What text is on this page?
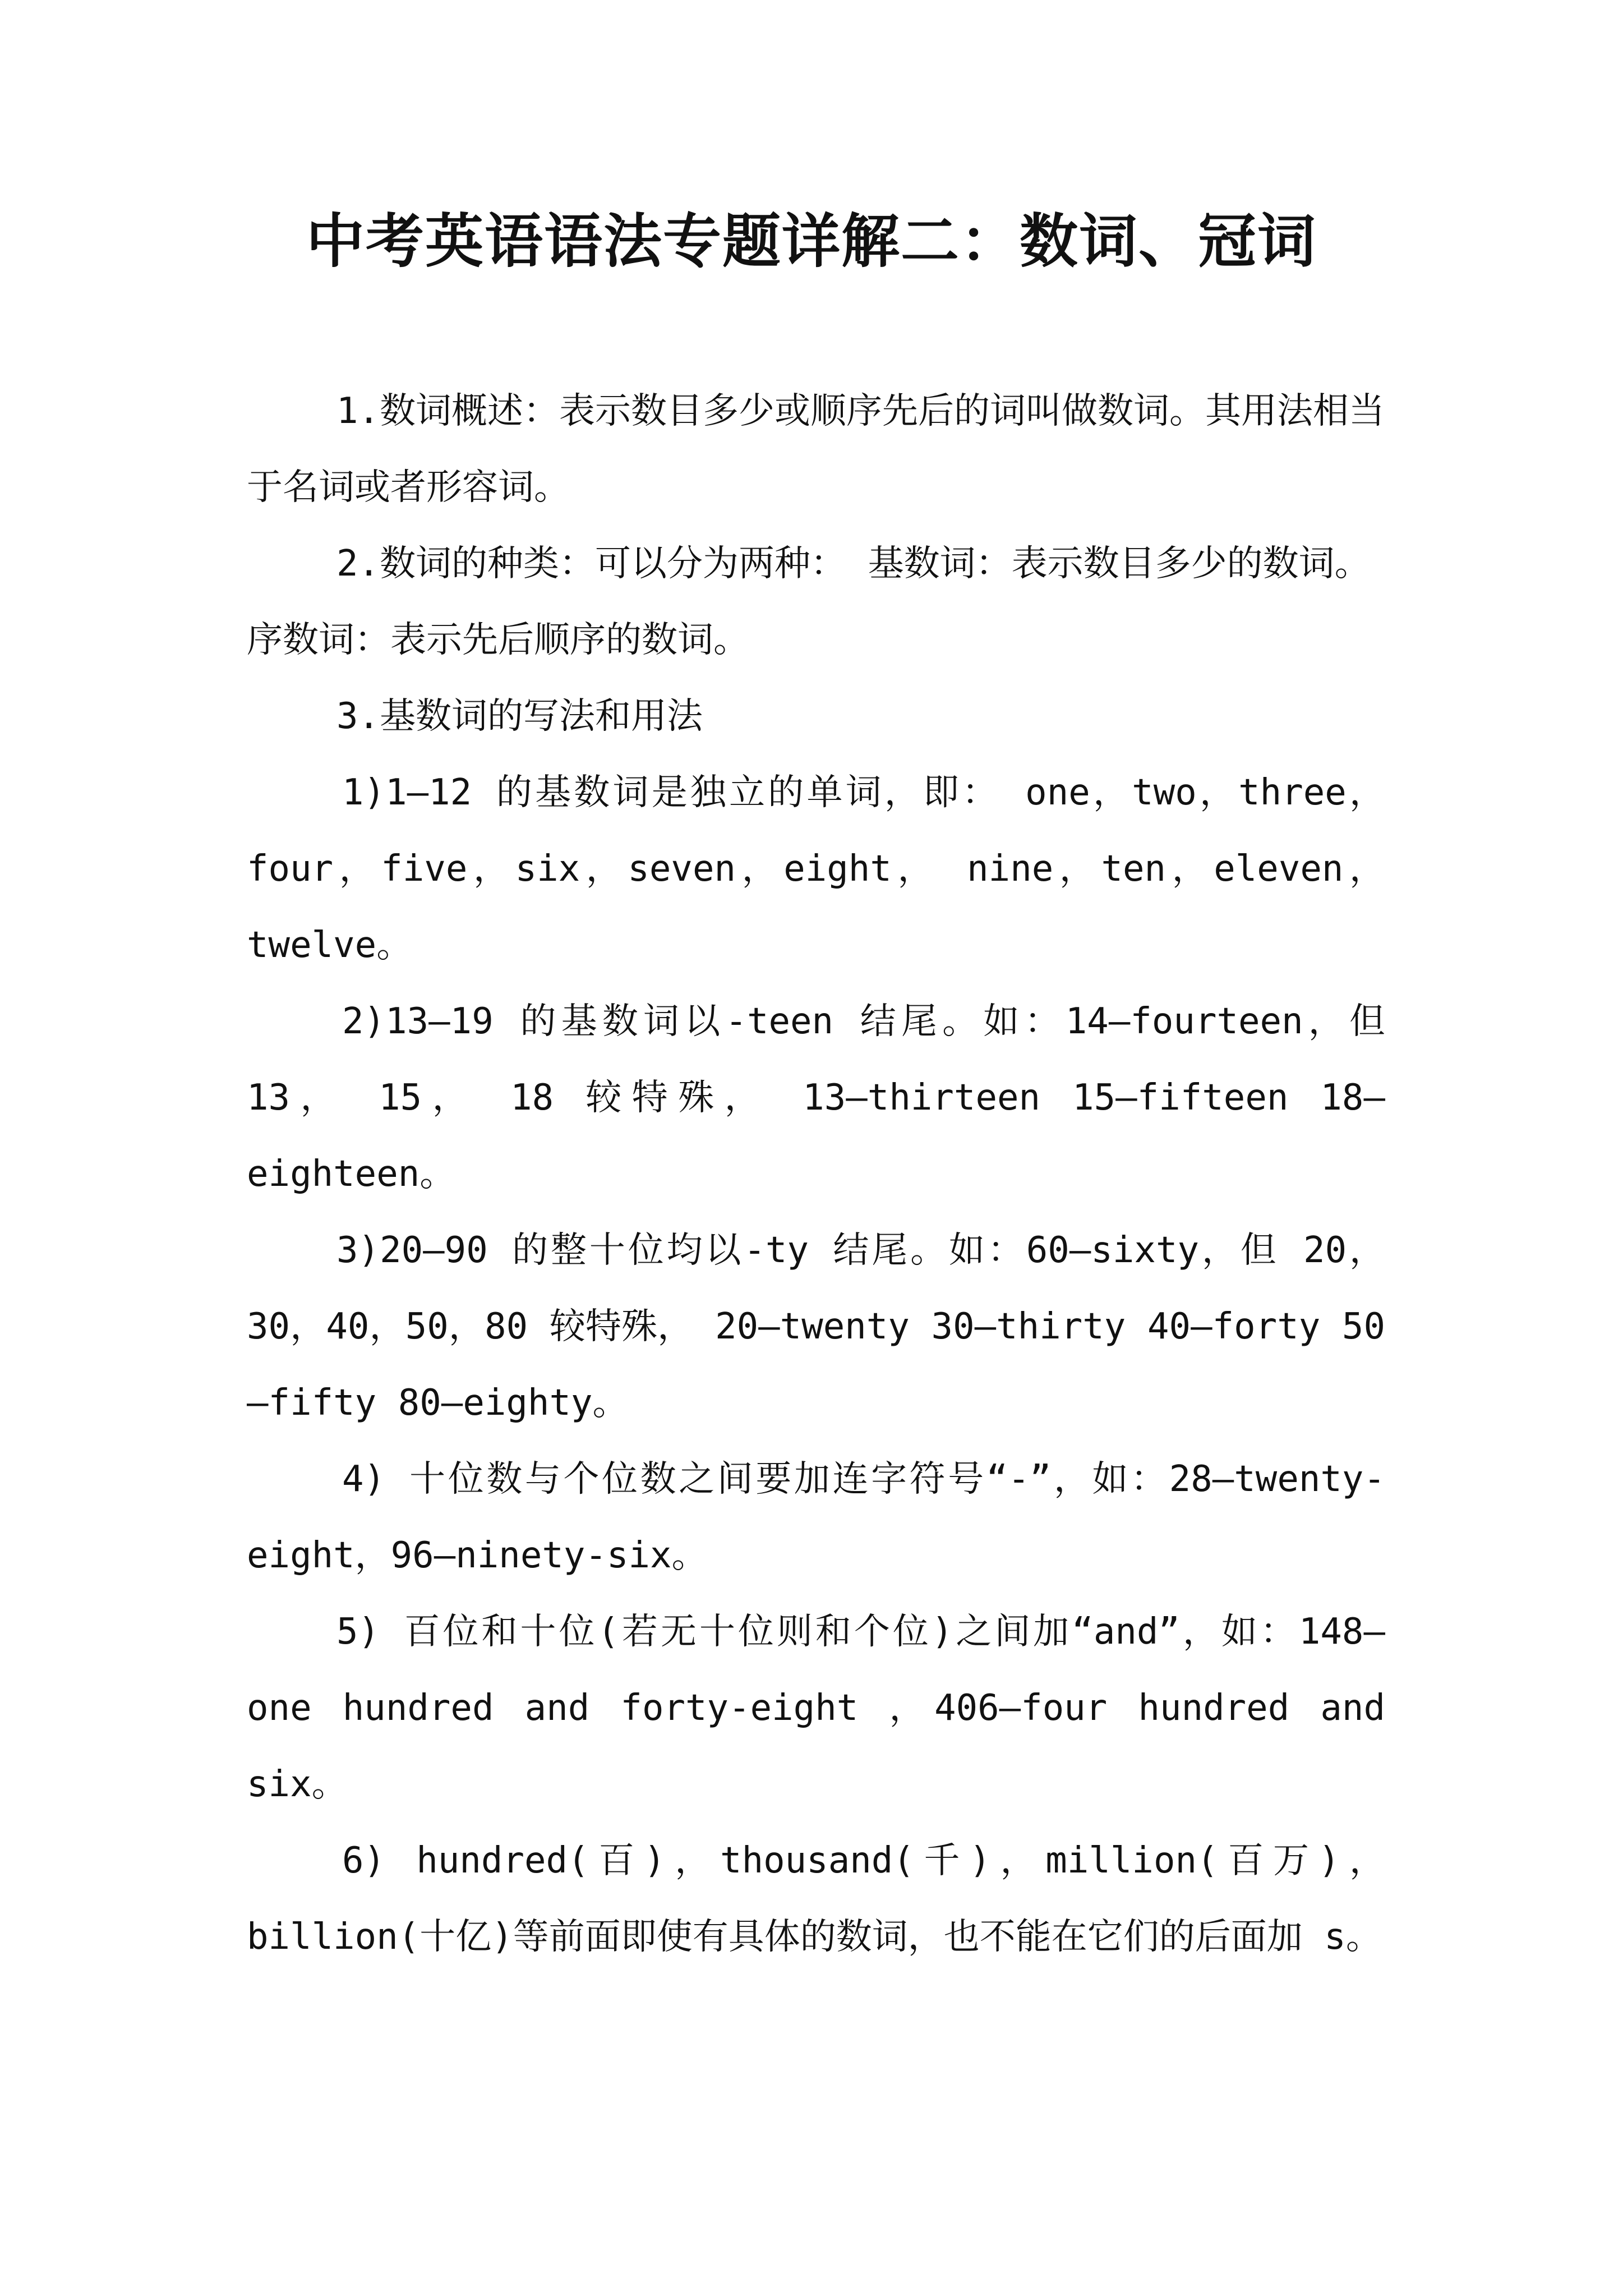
中考英语语法专题详解二：数词、冠词

1.数词概述：表示数目多少或顺序先后的词叫做数词。其用法相当于名词或者形容词。

2.数词的种类：可以分为两种： 基数词：表示数目多少的数词。序数词：表示先后顺序的数词。

3.基数词的写法和用法

1)1—12 的基数词是独立的单词，即： one，two，three，four，five，six，seven，eight， nine，ten，eleven，twelve。

2)13—19 的基数词以-teen 结尾。如：14—fourteen，但 13， 15， 18 较特殊， 13—thirteen 15—fifteen 18—eighteen。

3)20—90 的整十位均以-ty 结尾。如：60—sixty，但 20，30，40，50，80 较特殊， 20—twenty 30—thirty 40—forty 50—fifty 80—eighty。

4) 十位数与个位数之间要加连字符号“-”，如：28—twenty-eight，96—ninety-six。

5) 百位和十位(若无十位则和个位)之间加“and”，如：148—one hundred and forty-eight ，406—four hundred and six。

6) hundred(百)，thousand(千)，million(百万)，billion(十亿)等前面即使有具体的数词，也不能在它们的后面加 s。
